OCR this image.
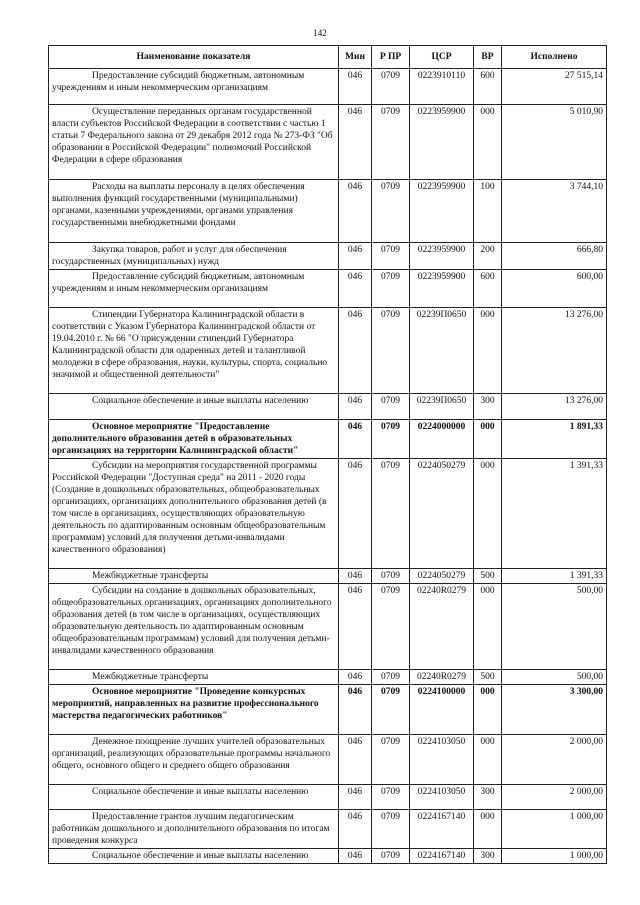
142
Наименование показателя	Мин	Р ПР	ЦСР	ВР	Исполнено
Предоставление субсидий бюджетным, автономным учреждениям и иным некоммерческим организациям	046	0709	0223910110	600	27 515,14
Осуществление переданных органам государственной власти субъектов Российской Федерации в соответствии с частью 1 статьи 7 Федерального закона от 29 декабря 2012 года № 273-ФЗ "Об образовании в Российской Федерации" полномочий Российской Федерации в сфере образования	046	0709	0223959900	000	5 010,90
Расходы на выплаты персоналу в целях обеспечения выполнения функций государственными (муниципальными) органами, казенными учреждениями, органами управления государственными внебюджетными фондами	046	0709	0223959900	100	3 744,10
Закупка товаров, работ и услуг для обеспечения государственных (муниципальных) нужд	046	0709	0223959900	200	666,80
Предоставление субсидий бюджетным, автономным учреждениям и иным некоммерческим организациям	046	0709	0223959900	600	600,00
Стипендии Губернатора Калининградской области в соответствии с Указом Губернатора Калининградской области от 19.04.2010 г. № 66 "О присуждении стипендий Губернатора Калининградской области для одаренных детей и талантливой молодежи в сфере образования, науки, культуры, спорта, социально значимой и общественной деятельности"	046	0709	02239П0650	000	13 276,00
Социальное обеспечение и иные выплаты населению	046	0709	02239П0650	300	13 276,00
Основное мероприятие "Предоставление дополнительного образования детей в образовательных организациях на территории Калининградской области"	046	0709	0224000000	000	1 891,33
Субсидии на мероприятия государственной программы Российской Федерации "Доступная среда" на 2011 - 2020 годы (Создание в дошкольных образовательных, общеобразовательных организациях, организациях дополнительного образования детей (в том числе в организациях, осуществляющих образовательную деятельность по адаптированным основным общеобразовательным программам) условий для получения детьми-инвалидами качественного образования)	046	0709	0224050279	000	1 391,33
Межбюджетные трансферты	046	0709	0224050279	500	1 391,33
Субсидии на создание в дошкольных образовательных, общеобразовательных организациях, организациях дополнительного образования детей (в том числе в организациях, осуществляющих образовательную деятельность по адаптированным основным общеобразовательным программам) условий для получения детьми-инвалидами качественного образования	046	0709	02240R0279	000	500,00
Межбюджетные трансферты	046	0709	02240R0279	500	500,00
Основное мероприятие "Проведение конкурсных мероприятий, направленных на развитие профессионального мастерства педагогических работников"	046	0709	0224100000	000	3 300,00
Денежное поощрение лучших учителей образовательных организаций, реализующих образовательные программы начального общего, основного общего и среднего общего образования	046	0709	0224103050	000	2 000,00
Социальное обеспечение и иные выплаты населению	046	0709	0224103050	300	2 000,00
Предоставление грантов лучшим педагогическим работникам дошкольного и дополнительного образования по итогам проведения конкурса	046	0709	0224167140	000	1 000,00
Социальное обеспечение и иные выплаты населению	046	0709	0224167140	300	1 000,00
